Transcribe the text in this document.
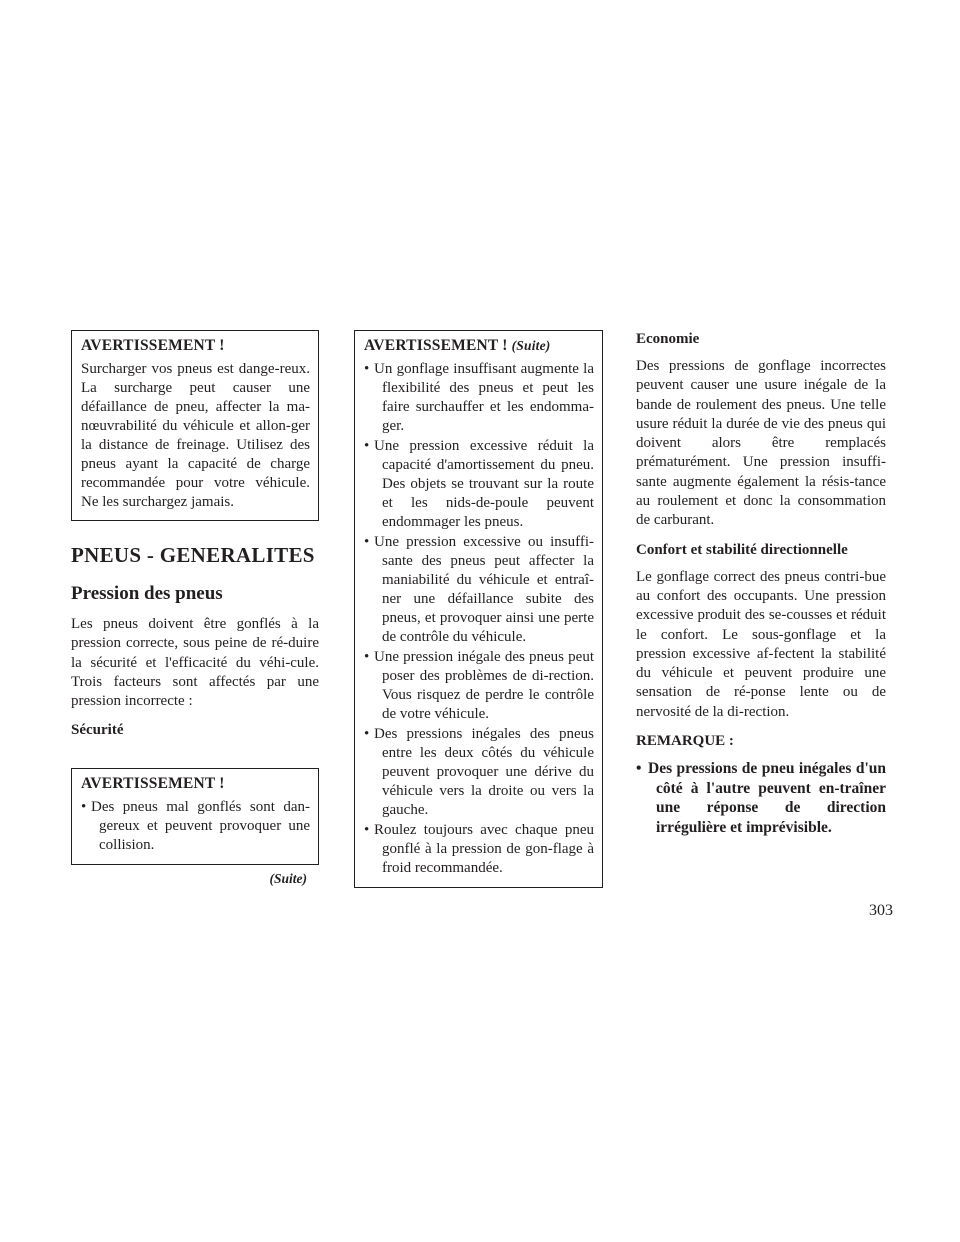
AVERTISSEMENT !

Surcharger vos pneus est dange-reux. La surcharge peut causer une défaillance de pneu, affecter la ma-nœuvrabilité du véhicule et allon-ger la distance de freinage. Utilisez des pneus ayant la capacité de charge recommandée pour votre véhicule. Ne les surchargez jamais.

PNEUS - GENERALITES
Pression des pneus

Les pneus doivent être gonflés à la pression correcte, sous peine de ré-duire la sécurité et l'efficacité du véhi-cule. Trois facteurs sont affectés par une pression incorrecte :

Sécurité
AVERTISSEMENT !
• Des pneus mal gonflés sont dan-gereux et peuvent provoquer une collision.
(Suite)
AVERTISSEMENT ! (Suite)
• Un gonflage insuffisant augmente la flexibilité des pneus et peut les faire surchauffer et les endomma-ger.
• Une pression excessive réduit la capacité d'amortissement du pneu. Des objets se trouvant sur la route et les nids-de-poule peuvent endommager les pneus.
• Une pression excessive ou insuffi-sante des pneus peut affecter la maniabilité du véhicule et entraî-ner une défaillance subite des pneus, et provoquer ainsi une perte de contrôle du véhicule.
• Une pression inégale des pneus peut poser des problèmes de di-rection. Vous risquez de perdre le contrôle de votre véhicule.
• Des pressions inégales des pneus entre les deux côtés du véhicule peuvent provoquer une dérive du véhicule vers la droite ou vers la gauche.
• Roulez toujours avec chaque pneu gonflé à la pression de gon-flage à froid recommandée.
Economie

Des pressions de gonflage incorrectes peuvent causer une usure inégale de la bande de roulement des pneus. Une telle usure réduit la durée de vie des pneus qui doivent alors être remplacés prématurément. Une pression insuffi-sante augmente également la résis-tance au roulement et donc la consommation de carburant.

Confort et stabilité directionnelle

Le gonflage correct des pneus contri-bue au confort des occupants. Une pression excessive produit des se-cousses et réduit le confort. Le sous-gonflage et la pression excessive af-fectent la stabilité du véhicule et peuvent produire une sensation de ré-ponse lente ou de nervosité de la di-rection.

REMARQUE :
• Des pressions de pneu inégales d'un côté à l'autre peuvent en-traîner une réponse de direction irrégulière et imprévisible.
303
